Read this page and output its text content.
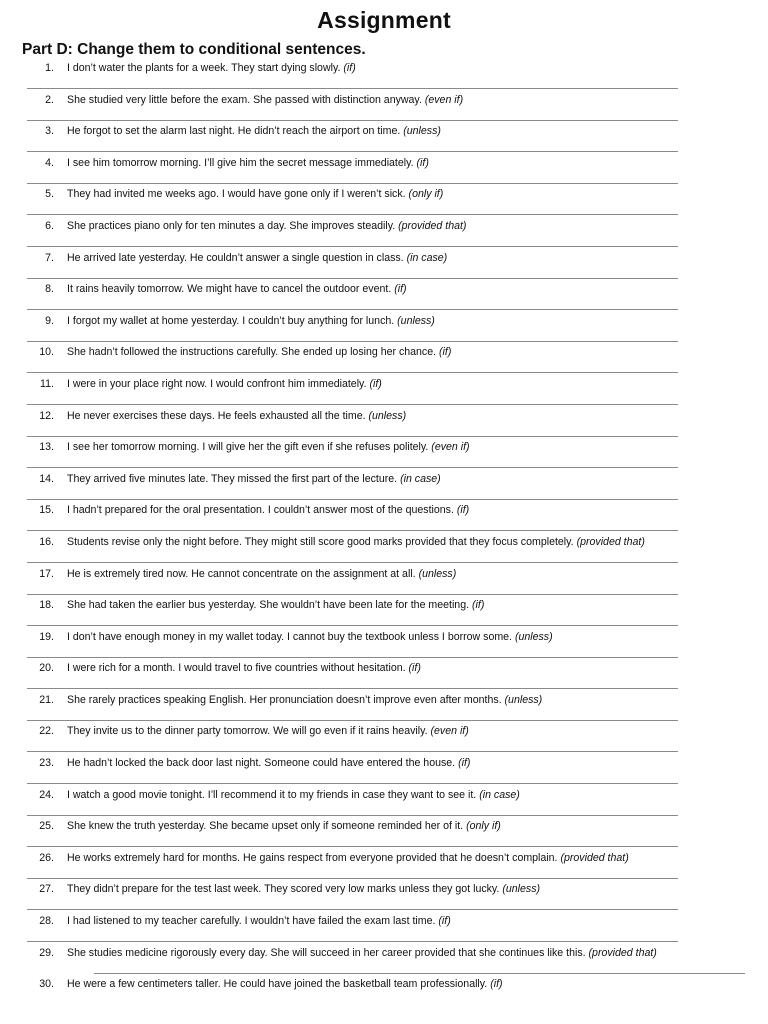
Assignment
Part D: Change them to conditional sentences.
1. I don’t water the plants for a week. They start dying slowly. (if)
2. She studied very little before the exam. She passed with distinction anyway. (even if)
3. He forgot to set the alarm last night. He didn’t reach the airport on time. (unless)
4. I see him tomorrow morning. I’ll give him the secret message immediately. (if)
5. They had invited me weeks ago. I would have gone only if I weren’t sick. (only if)
6. She practices piano only for ten minutes a day. She improves steadily. (provided that)
7. He arrived late yesterday. He couldn’t answer a single question in class. (in case)
8. It rains heavily tomorrow. We might have to cancel the outdoor event. (if)
9. I forgot my wallet at home yesterday. I couldn’t buy anything for lunch. (unless)
10. She hadn’t followed the instructions carefully. She ended up losing her chance. (if)
11. I were in your place right now. I would confront him immediately. (if)
12. He never exercises these days. He feels exhausted all the time. (unless)
13. I see her tomorrow morning. I will give her the gift even if she refuses politely. (even if)
14. They arrived five minutes late. They missed the first part of the lecture. (in case)
15. I hadn’t prepared for the oral presentation. I couldn’t answer most of the questions. (if)
16. Students revise only the night before. They might still score good marks provided that they focus completely. (provided that)
17. He is extremely tired now. He cannot concentrate on the assignment at all. (unless)
18. She had taken the earlier bus yesterday. She wouldn’t have been late for the meeting. (if)
19. I don’t have enough money in my wallet today. I cannot buy the textbook unless I borrow some. (unless)
20. I were rich for a month. I would travel to five countries without hesitation. (if)
21. She rarely practices speaking English. Her pronunciation doesn’t improve even after months. (unless)
22. They invite us to the dinner party tomorrow. We will go even if it rains heavily. (even if)
23. He hadn’t locked the back door last night. Someone could have entered the house. (if)
24. I watch a good movie tonight. I’ll recommend it to my friends in case they want to see it. (in case)
25. She knew the truth yesterday. She became upset only if someone reminded her of it. (only if)
26. He works extremely hard for months. He gains respect from everyone provided that he doesn’t complain. (provided that)
27. They didn’t prepare for the test last week. They scored very low marks unless they got lucky. (unless)
28. I had listened to my teacher carefully. I wouldn’t have failed the exam last time. (if)
29. She studies medicine rigorously every day. She will succeed in her career provided that she continues like this. (provided that)
30. He were a few centimeters taller. He could have joined the basketball team professionally. (if)
